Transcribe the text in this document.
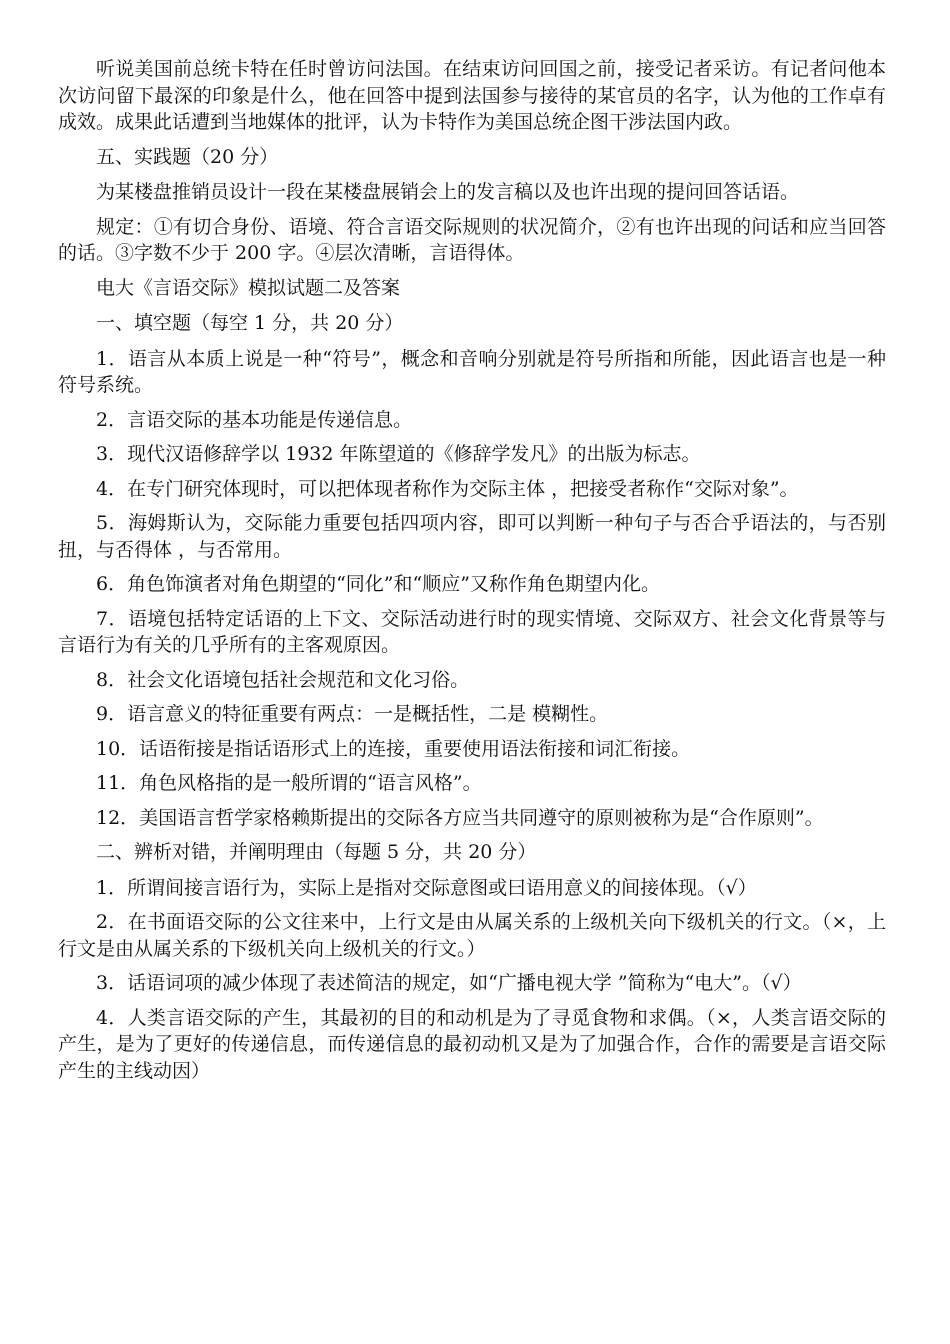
听说美国前总统卡特在任时曾访问法国。在结束访问回国之前，接受记者采访。有记者问他本次访问留下最深的印象是什么，他在回答中提到法国参与接待的某官员的名字，认为他的工作卓有成效。成果此话遭到当地媒体的批评，认为卡特作为美国总统企图干涉法国内政。

五、实践题（20 分）

为某楼盘推销员设计一段在某楼盘展销会上的发言稿以及也许出现的提问回答话语。

规定：①有切合身份、语境、符合言语交际规则的状况简介，②有也许出现的问话和应当回答的话。③字数不少于 200 字。④层次清晰，言语得体。

电大《言语交际》模拟试题二及答案

一、填空题（每空 1 分，共 20 分）

1．语言从本质上说是一种“符号”，概念和音响分别就是符号所指和所能，因此语言也是一种符号系统。

2．言语交际的基本功能是传递信息。

3．现代汉语修辞学以 1932 年陈望道的《修辞学发凡》的出版为标志。

4．在专门研究体现时，可以把体现者称作为交际主体 ，把接受者称作“交际对象”。

5．海姆斯认为，交际能力重要包括四项内容，即可以判断一种句子与否合乎语法的，与否别扭，与否得体 ，与否常用。

6．角色饰演者对角色期望的“同化”和“顺应”又称作角色期望内化。

7．语境包括特定话语的上下文、交际活动进行时的现实情境、交际双方、社会文化背景等与言语行为有关的几乎所有的主客观原因。

8．社会文化语境包括社会规范和文化习俗。

9．语言意义的特征重要有两点：一是概括性，二是 模糊性。

10．话语衔接是指话语形式上的连接，重要使用语法衔接和词汇衔接。

11．角色风格指的是一般所谓的“语言风格”。

12．美国语言哲学家格赖斯提出的交际各方应当共同遵守的原则被称为是“合作原则”。

二、辨析对错，并阐明理由（每题 5 分，共 20 分）

1．所谓间接言语行为，实际上是指对交际意图或曰语用意义的间接体现。（√）

2．在书面语交际的公文往来中，上行文是由从属关系的上级机关向下级机关的行文。（×，上行文是由从属关系的下级机关向上级机关的行文。）

3．话语词项的减少体现了表述简洁的规定，如“广播电视大学 ”简称为“电大”。（√）

4．人类言语交际的产生，其最初的目的和动机是为了寻觅食物和求偶。（×，人类言语交际的产生，是为了更好的传递信息，而传递信息的最初动机又是为了加强合作，合作的需要是言语交际产生的主线动因）
